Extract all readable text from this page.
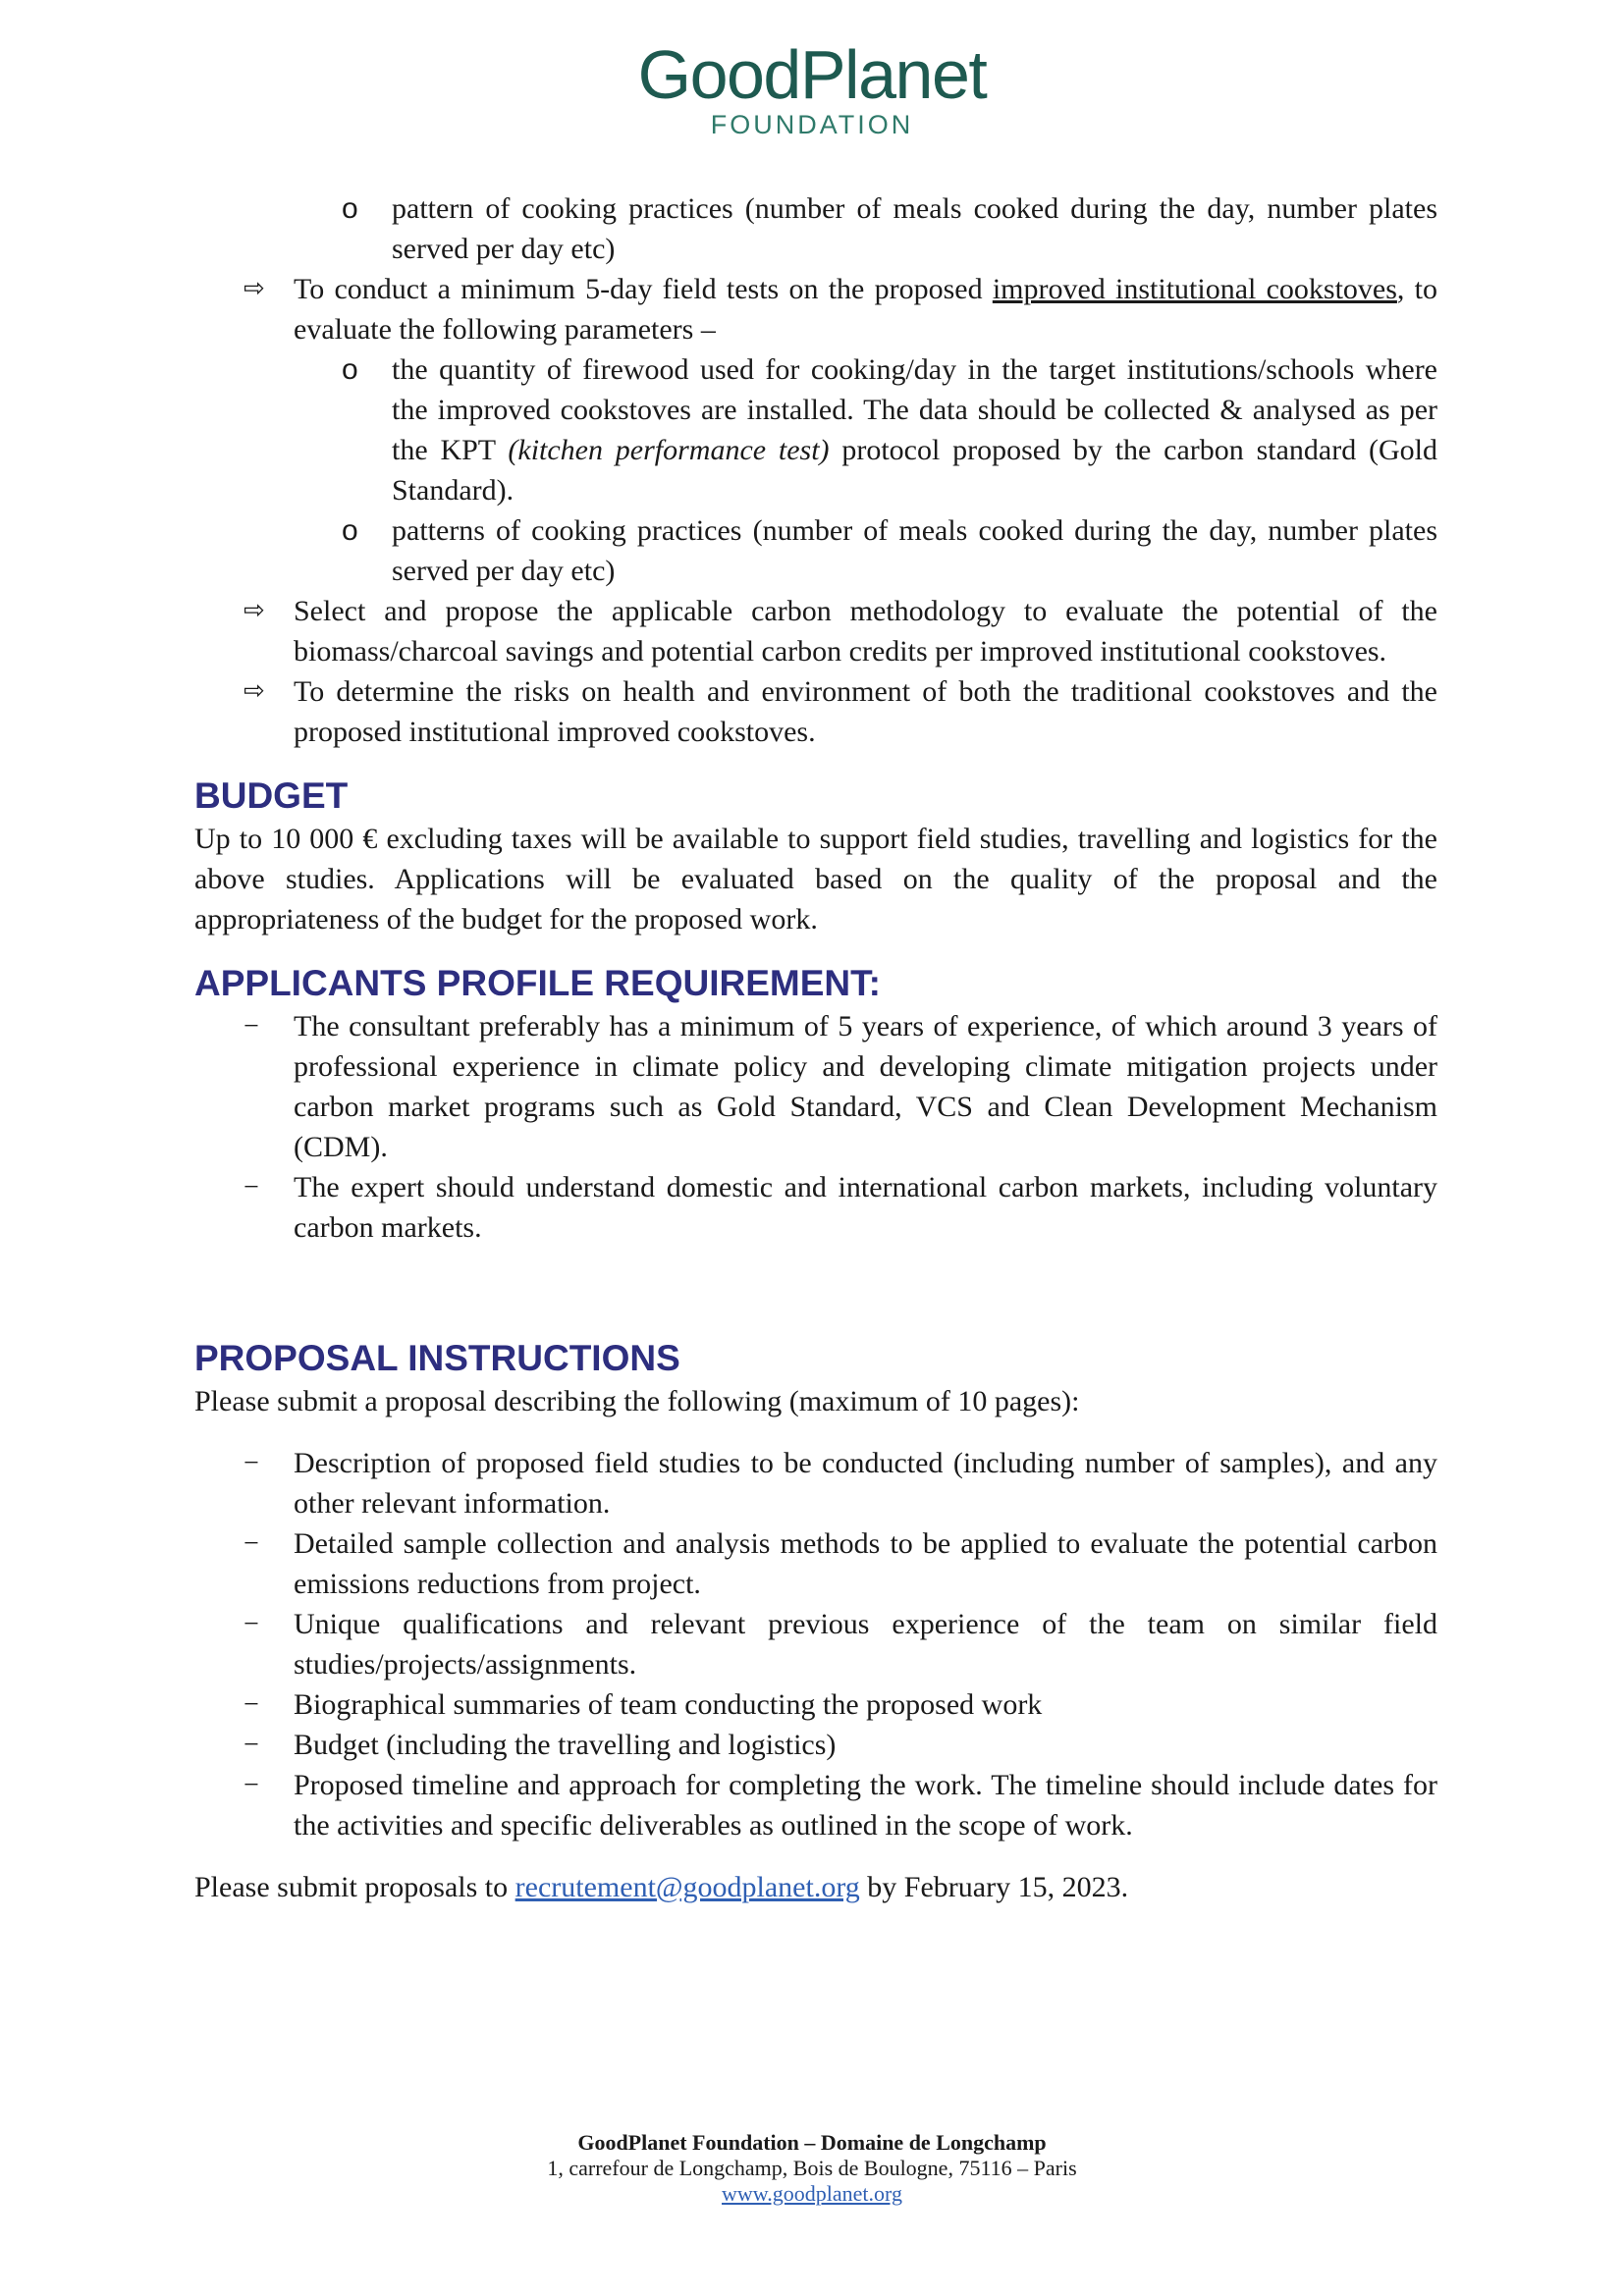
GoodPlanet
FOUNDATION
o pattern of cooking practices (number of meals cooked during the day, number plates served per day etc)
⇨ To conduct a minimum 5-day field tests on the proposed improved institutional cookstoves, to evaluate the following parameters –
o the quantity of firewood used for cooking/day in the target institutions/schools where the improved cookstoves are installed. The data should be collected & analysed as per the KPT (kitchen performance test) protocol proposed by the carbon standard (Gold Standard).
o patterns of cooking practices (number of meals cooked during the day, number plates served per day etc)
⇨ Select and propose the applicable carbon methodology to evaluate the potential of the biomass/charcoal savings and potential carbon credits per improved institutional cookstoves.
⇨ To determine the risks on health and environment of both the traditional cookstoves and the proposed institutional improved cookstoves.
BUDGET

Up to 10 000 € excluding taxes will be available to support field studies, travelling and logistics for the above studies. Applications will be evaluated based on the quality of the proposal and the appropriateness of the budget for the proposed work.

APPLICANTS PROFILE REQUIREMENT:
− The consultant preferably has a minimum of 5 years of experience, of which around 3 years of professional experience in climate policy and developing climate mitigation projects under carbon market programs such as Gold Standard, VCS and Clean Development Mechanism (CDM).
− The expert should understand domestic and international carbon markets, including voluntary carbon markets.
PROPOSAL INSTRUCTIONS

Please submit a proposal describing the following (maximum of 10 pages):

− Description of proposed field studies to be conducted (including number of samples), and any other relevant information.
− Detailed sample collection and analysis methods to be applied to evaluate the potential carbon emissions reductions from project.
− Unique qualifications and relevant previous experience of the team on similar field studies/projects/assignments.
− Biographical summaries of team conducting the proposed work
− Budget (including the travelling and logistics)
− Proposed timeline and approach for completing the work. The timeline should include dates for the activities and specific deliverables as outlined in the scope of work.

Please submit proposals to recrutement@goodplanet.org by February 15, 2023.

GoodPlanet Foundation – Domaine de Longchamp
1, carrefour de Longchamp, Bois de Boulogne, 75116 – Paris
www.goodplanet.org
